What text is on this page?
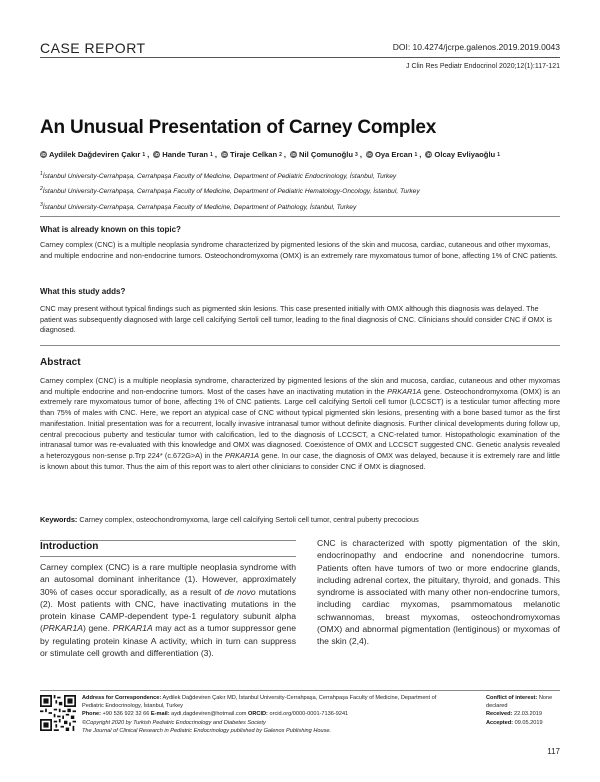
CASE REPORT	DOI: 10.4274/jcrpe.galenos.2019.2019.0043
J Clin Res Pediatr Endocrinol 2020;12(1):117-121
An Unusual Presentation of Carney Complex
iD Aydilek Dağdeviren Çakır 1 , iD Hande Turan 1 , iD Tiraje Celkan 2 , iD Nil Çomunoğlu 3 , iD Oya Ercan 1 , iD Olcay Evliyaoğlu 1
$^1$İstanbul University-Cerrahpaşa, Cerrahpaşa Faculty of Medicine, Department of Pediatric Endocrinology, İstanbul, Turkey
$^2$İstanbul University-Cerrahpaşa, Cerrahpaşa Faculty of Medicine, Department of Pediatric Hematology-Oncology, İstanbul, Turkey
$^3$İstanbul University-Cerrahpaşa, Cerrahpaşa Faculty of Medicine, Department of Pathology, İstanbul, Turkey
What is already known on this topic?
Carney complex (CNC) is a multiple neoplasia syndrome characterized by pigmented lesions of the skin and mucosa, cardiac, cutaneous and other myxomas, and multiple endocrine and non-endocrine tumors. Osteochondromyxoma (OMX) is an extremely rare myxomatous tumor of bone, affecting 1% of CNC patients.
What this study adds?
CNC may present without typical findings such as pigmented skin lesions. This case presented initially with OMX although this diagnosis was delayed. The patient was subsequently diagnosed with large cell calcifying Sertoli cell tumor, leading to the final diagnosis of CNC. Clinicians should consider CNC if OMX is diagnosed.
Abstract

Carney complex (CNC) is a multiple neoplasia syndrome, characterized by pigmented lesions of the skin and mucosa, cardiac, cutaneous and other myxomas and multiple endocrine and non-endocrine tumors. Most of the cases have an inactivating mutation in the PRKAR1A gene. Osteochondromyxoma (OMX) is an extremely rare myxomatous tumor of bone, affecting 1% of CNC patients. Large cell calcifying Sertoli cell tumor (LCCSCT) is a testicular tumor affecting more than 75% of males with CNC. Here, we report an atypical case of CNC without typical pigmented skin lesions, presenting with a bone based tumor as the first manifestation. Initial presentation was for a recurrent, locally invasive intranasal tumor without definite diagnosis. Further clinical developments during follow up, central precocious puberty and testicular tumor with calcification, led to the diagnosis of LCCSCT, a CNC-related tumor. Histopathologic examination of the intranasal tumor was re-evaluated with this knowledge and OMX was diagnosed. Coexistence of OMX and LCCSCT suggested CNC. Genetic analysis revealed a heterozygous non-sense p.Trp 224* (c.672G>A) in the PRKAR1A gene. In our case, the diagnosis of OMX was delayed, because it is extremely rare and little is known about this tumor. Thus the aim of this report was to alert other clinicians to consider CNC if OMX is diagnosed.

Keywords: Carney complex, osteochondromyxoma, large cell calcifying Sertoli cell tumor, central puberty precocious

Introduction

Carney complex (CNC) is a rare multiple neoplasia syndrome with an autosomal dominant inheritance (1). However, approximately 30% of cases occur sporadically, as a result of de novo mutations (2). Most patients with CNC, have inactivating mutations in the protein kinase CAMP-dependent type-1 regulatory subunit alpha (PRKAR1A) gene. PRKAR1A may act as a tumor suppressor gene by regulating protein kinase A activity, which in turn can suppress or stimulate cell growth and differentiation (3).

CNC is characterized with spotty pigmentation of the skin, endocrinopathy and endocrine and nonendocrine tumors. Patients often have tumors of two or more endocrine glands, including adrenal cortex, the pituitary, thyroid, and gonads. This syndrome is associated with many other non-endocrine tumors, including cardiac myxomas, psammomatous melanotic schwannomas, breast myxomas, osteochondromyxomas (OMX) and abnormal pigmentation (lentiginous) or myxomas of the skin (2,4).

Address for Correspondence: Aydilek Dağdeviren Çakır MD, İstanbul University-Cerrahpaşa, Cerrahpaşa Faculty of Medicine, Department of Pediatric Endocrinology, İstanbul, Turkey
Phone: +90 536 922 32 66 E-mail: aydi.dagdeviren@hotmail.com ORCID: orcid.org/0000-0001-7136-9241
©Copyright 2020 by Turkish Pediatric Endocrinology and Diabetes Society
The Journal of Clinical Research in Pediatric Endocrinology published by Galenos Publishing House.
Conflict of interest: None declared
Received: 22.03.2019
Accepted: 09.05.2019
117
